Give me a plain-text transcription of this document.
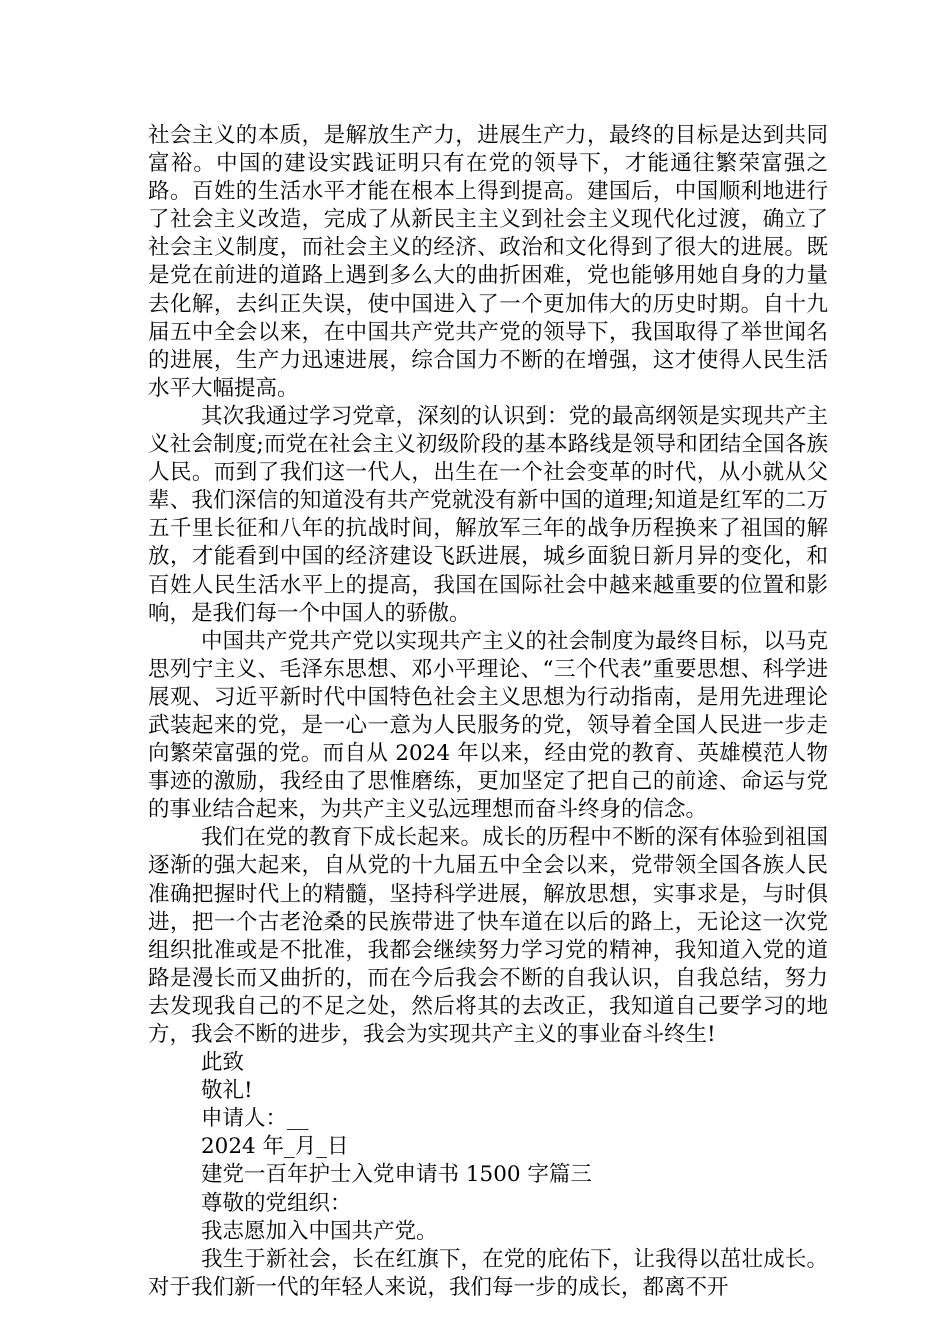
社会主义的本质，是解放生产力，进展生产力，最终的目标是达到共同富裕。中国的建设实践证明只有在党的领导下，才能通往繁荣富强之路。百姓的生活水平才能在根本上得到提高。建国后，中国顺利地进行了社会主义改造，完成了从新民主主义到社会主义现代化过渡，确立了社会主义制度，而社会主义的经济、政治和文化得到了很大的进展。既是党在前进的道路上遇到多么大的曲折困难，党也能够用她自身的力量去化解，去纠正失误，使中国进入了一个更加伟大的历史时期。自十九届五中全会以来，在中国共产党共产党的领导下，我国取得了举世闻名的进展，生产力迅速进展，综合国力不断的在增强，这才使得人民生活水平大幅提高。

其次我通过学习党章，深刻的认识到：党的最高纲领是实现共产主义社会制度;而党在社会主义初级阶段的基本路线是领导和团结全国各族人民。而到了我们这一代人，出生在一个社会变革的时代，从小就从父辈、我们深信的知道没有共产党就没有新中国的道理;知道是红军的二万五千里长征和八年的抗战时间，解放军三年的战争历程换来了祖国的解放，才能看到中国的经济建设飞跃进展，城乡面貌日新月异的变化，和百姓人民生活水平上的提高，我国在国际社会中越来越重要的位置和影响，是我们每一个中国人的骄傲。

中国共产党共产党以实现共产主义的社会制度为最终目标，以马克思列宁主义、毛泽东思想、邓小平理论、“三个代表”重要思想、科学进展观、习近平新时代中国特色社会主义思想为行动指南，是用先进理论武装起来的党，是一心一意为人民服务的党，领导着全国人民进一步走向繁荣富强的党。而自从 2024 年以来，经由党的教育、英雄模范人物事迹的激励，我经由了思惟磨练，更加坚定了把自己的前途、命运与党的事业结合起来，为共产主义弘远理想而奋斗终身的信念。

我们在党的教育下成长起来。成长的历程中不断的深有体验到祖国逐渐的强大起来，自从党的十九届五中全会以来，党带领全国各族人民准确把握时代上的精髓，坚持科学进展，解放思想，实事求是，与时俱进，把一个古老沧桑的民族带进了快车道在以后的路上，无论这一次党组织批准或是不批准，我都会继续努力学习党的精神，我知道入党的道路是漫长而又曲折的，而在今后我会不断的自我认识，自我总结，努力去发现我自己的不足之处，然后将其的去改正，我知道自己要学习的地方，我会不断的进步，我会为实现共产主义的事业奋斗终生!

此致

敬礼!

申请人：__

2024 年_月_日

建党一百年护士入党申请书 1500 字篇三

尊敬的党组织：

我志愿加入中国共产党。

我生于新社会，长在红旗下，在党的庇佑下，让我得以茁壮成长。对于我们新一代的年轻人来说，我们每一步的成长，都离不开
